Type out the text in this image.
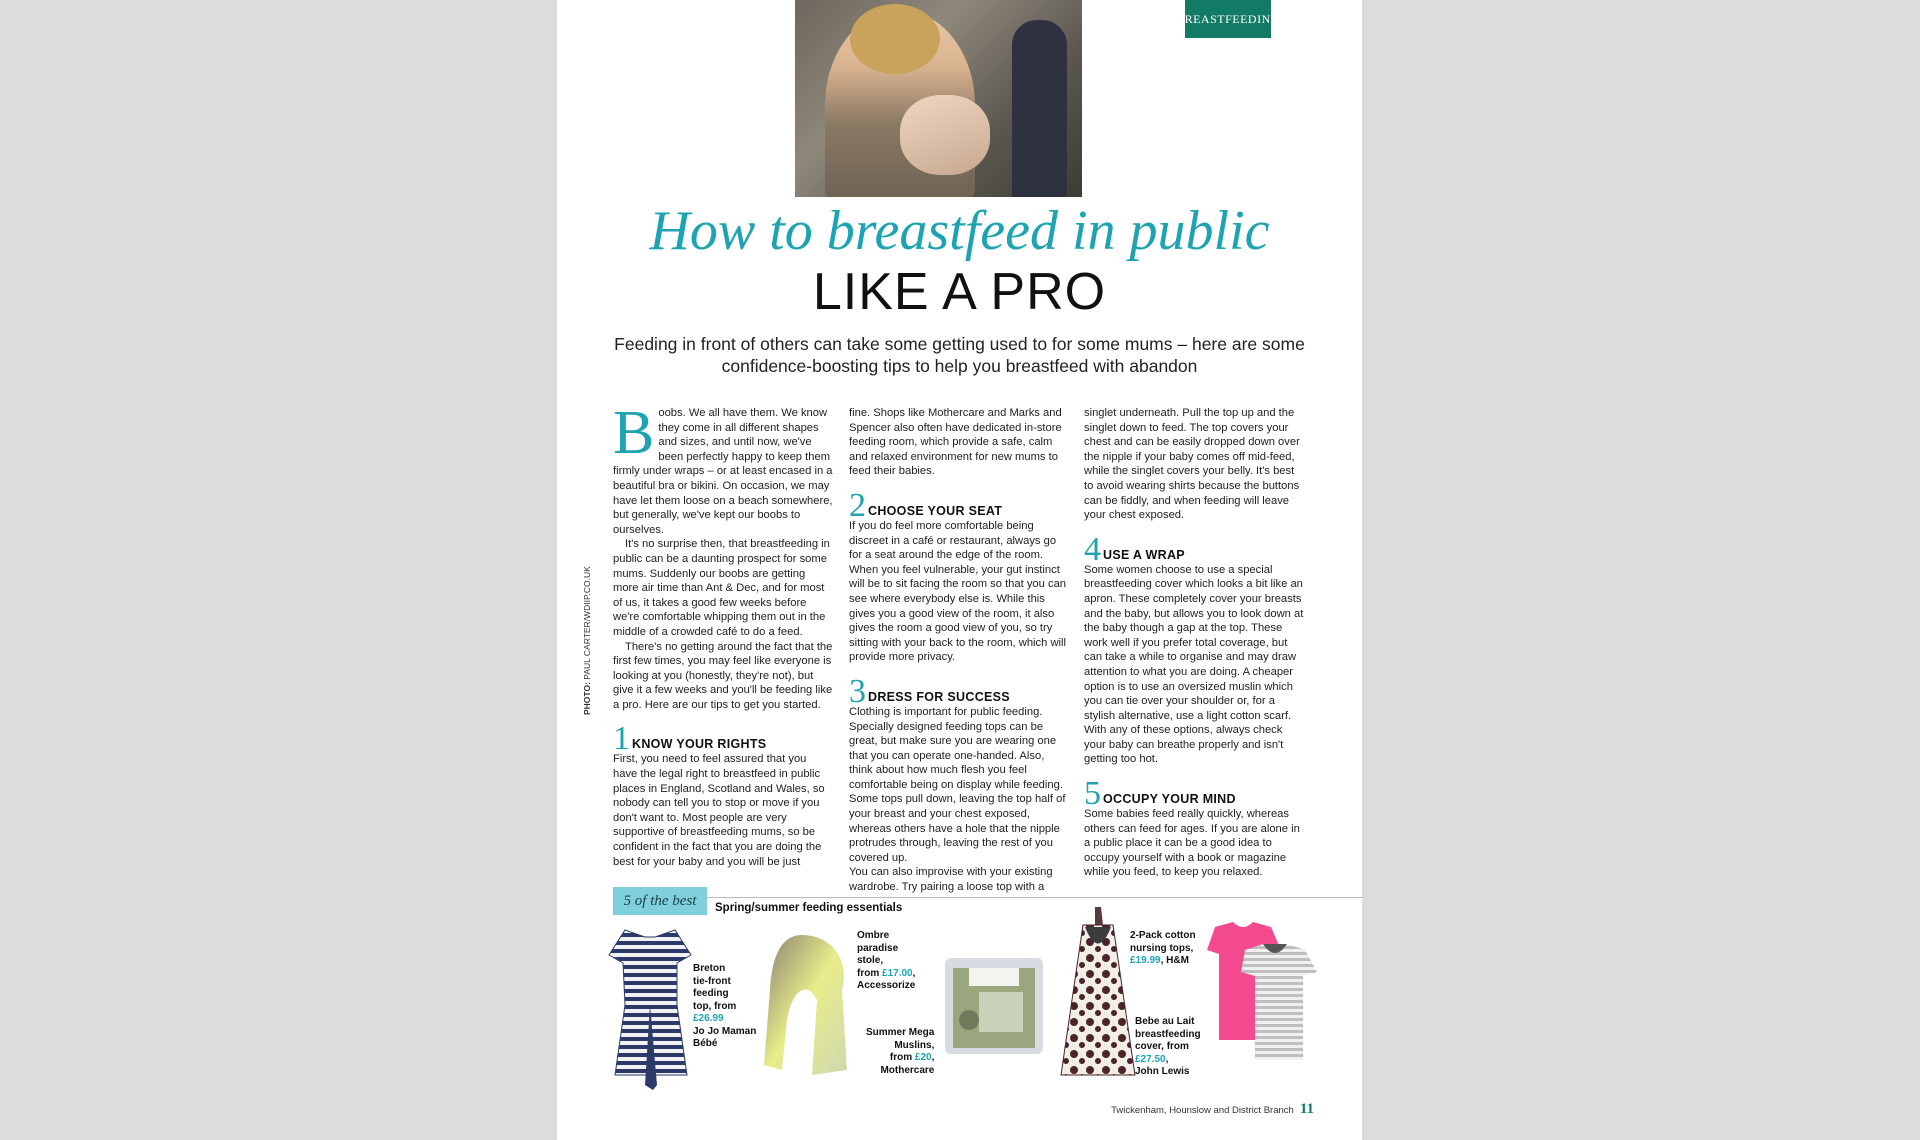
BREASTFEEDING
How to breastfeed in public
LIKE A PRO
Feeding in front of others can take some getting used to for some mums – here are some confidence-boosting tips to help you breastfeed with abandon

Boobs. We all have them. We know they come in all different shapes and sizes, and until now, we've been perfectly happy to keep them firmly under wraps – or at least encased in a beautiful bra or bikini. On occasion, we may have let them loose on a beach somewhere, but generally, we've kept our boobs to ourselves.

It's no surprise then, that breastfeeding in public can be a daunting prospect for some mums. Suddenly our boobs are getting more air time than Ant & Dec, and for most of us, it takes a good few weeks before we're comfortable whipping them out in the middle of a crowded café to do a feed.

There's no getting around the fact that the first few times, you may feel like everyone is looking at you (honestly, they're not), but give it a few weeks and you'll be feeding like a pro. Here are our tips to get you started.

1 KNOW YOUR RIGHTS

First, you need to feel assured that you have the legal right to breastfeed in public places in England, Scotland and Wales, so nobody can tell you to stop or move if you don't want to. Most people are very supportive of breastfeeding mums, so be confident in the fact that you are doing the best for your baby and you will be just

fine. Shops like Mothercare and Marks and Spencer also often have dedicated in-store feeding room, which provide a safe, calm and relaxed environment for new mums to feed their babies.

2 CHOOSE YOUR SEAT

If you do feel more comfortable being discreet in a café or restaurant, always go for a seat around the edge of the room. When you feel vulnerable, your gut instinct will be to sit facing the room so that you can see where everybody else is. While this gives you a good view of the room, it also gives the room a good view of you, so try sitting with your back to the room, which will provide more privacy.

3 DRESS FOR SUCCESS

Clothing is important for public feeding. Specially designed feeding tops can be great, but make sure you are wearing one that you can operate one-handed. Also, think about how much flesh you feel comfortable being on display while feeding. Some tops pull down, leaving the top half of your breast and your chest exposed, whereas others have a hole that the nipple protrudes through, leaving the rest of you covered up.

You can also improvise with your existing wardrobe. Try pairing a loose top with a

singlet underneath. Pull the top up and the singlet down to feed. The top covers your chest and can be easily dropped down over the nipple if your baby comes off mid-feed, while the singlet covers your belly. It's best to avoid wearing shirts because the buttons can be fiddly, and when feeding will leave your chest exposed.

4 USE A WRAP

Some women choose to use a special breastfeeding cover which looks a bit like an apron. These completely cover your breasts and the baby, but allows you to look down at the baby though a gap at the top. These work well if you prefer total coverage, but can take a while to organise and may draw attention to what you are doing. A cheaper option is to use an oversized muslin which you can tie over your shoulder or, for a stylish alternative, use a light cotton scarf. With any of these options, always check your baby can breathe properly and isn't getting too hot.

5 OCCUPY YOUR MIND

Some babies feed really quickly, whereas others can feed for ages. If you are alone in a public place it can be a good idea to occupy yourself with a book or magazine while you feed, to keep you relaxed.

PHOTO: PAUL CARTER/WDIIP.CO.UK
5 of the best	Spring/summer feeding essentials
Breton
tie-front
feeding
top, from
£26.99
Jo Jo Maman
Bébé
Ombre
paradise
stole,
from £17.00,
Accessorize
Summer Mega
Muslins,
from £20,
Mothercare
2-Pack cotton
nursing tops,
£19.99, H&M
Bebe au Lait
breastfeeding
cover, from
£27.50,
John Lewis
Twickenham, Hounslow and District Branch 11
